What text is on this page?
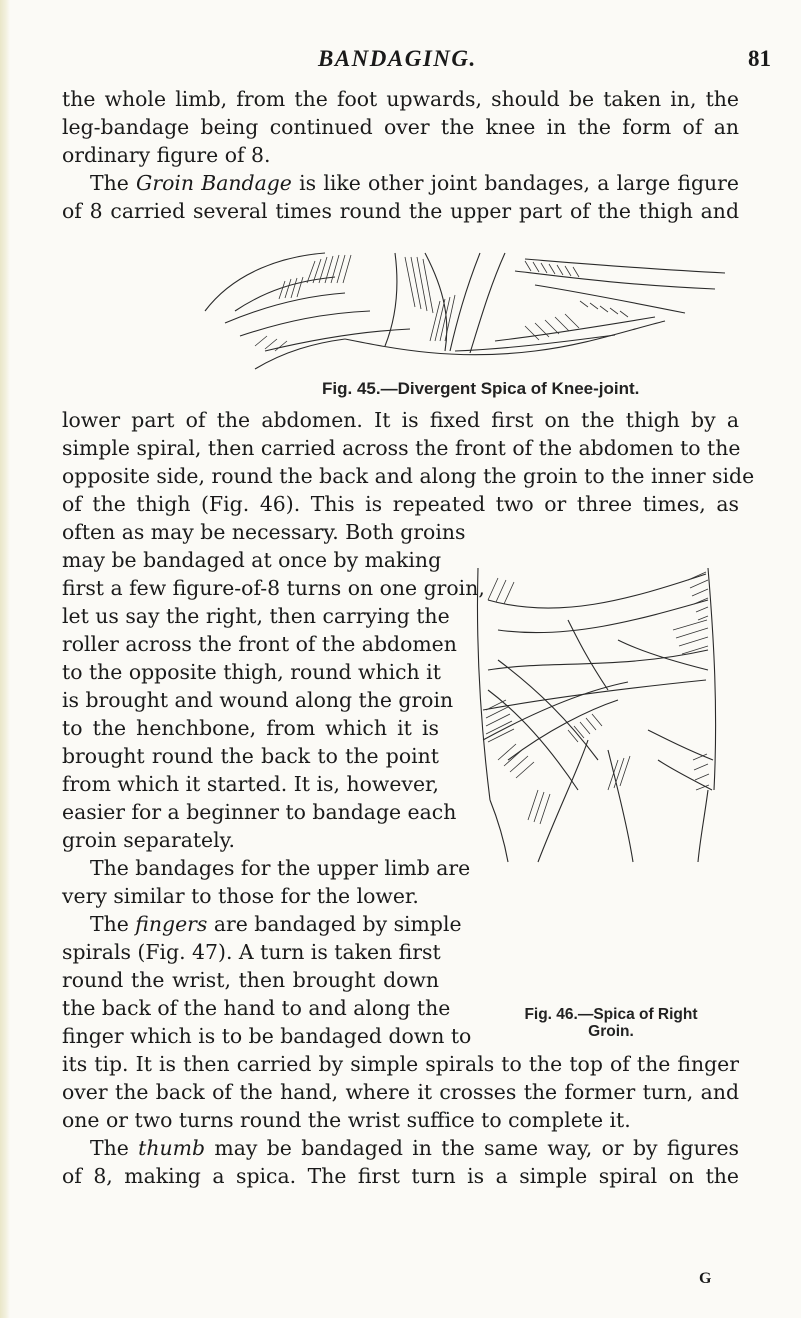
BANDAGING.	81
the whole limb, from the foot upwards, should be taken in, the
leg-bandage being continued over the knee in the form of an
ordinary figure of 8.
The Groin Bandage is like other joint bandages, a large figure
of 8 carried several times round the upper part of the thigh and
Fig. 45.—Divergent Spica of Knee-joint.
lower part of the abdomen. It is fixed first on the thigh by a
simple spiral, then carried across the front of the abdomen to the
opposite side, round the back and along the groin to the inner side
of the thigh (Fig. 46). This is repeated two or three times, as
often as may be necessary. Both groins
may be bandaged at once by making
first a few figure-of-8 turns on one groin,
let us say the right, then carrying the
roller across the front of the abdomen
to the opposite thigh, round which it
is brought and wound along the groin
to the henchbone, from which it is
brought round the back to the point
from which it started. It is, however,
easier for a beginner to bandage each
groin separately.
The bandages for the upper limb are
very similar to those for the lower.
The fingers are bandaged by simple
spirals (Fig. 47). A turn is taken first
round the wrist, then brought down
the back of the hand to and along the
finger which is to be bandaged down to
Fig. 46.—Spica of Right
Groin.
its tip. It is then carried by simple spirals to the top of the finger
over the back of the hand, where it crosses the former turn, and
one or two turns round the wrist suffice to complete it.
The thumb may be bandaged in the same way, or by figures
of 8, making a spica. The first turn is a simple spiral on the
G
